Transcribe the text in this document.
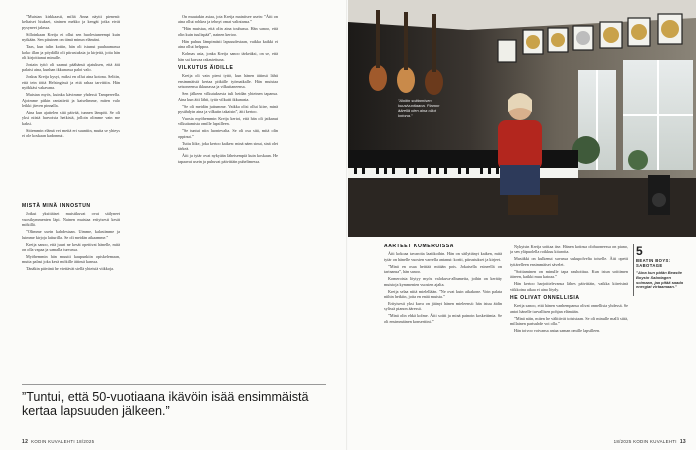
”Muistan kirkkaasti, miltä Anna näytti pienenä: keltaiset hiukset, sininen mekko ja kengät jotka eivät pysyneet jalassa.

Silloinkaan Kreija ei ollut sen huolestuneempi kuin nytkään. Sen pituinen on tämä minun elämäni.

Taas, kun tulin kotiin, hän oli istunut puuhaamassa koko illan ja pöydällä oli piirustuksia ja kirjeitä, joita hän oli kirjoittanut minulle.

Jostain tyttö oli saanut päähänsä ajatuksen, että äiti palaisi aina, kunhan ikkunassa paloi valo.

Joskus Kreija kysyi, miksi en ollut aina kotona. Selitin, että tein töitä Helsingissä ja että rahaa tarvittiin. Hän nyökkäsi vakavana.

Muistan myös, kuinka kävimme yhdessä Tampereella. Ajoimme pitkin rantatietä ja katselimme, miten valo leikki järven pinnalla.

Aina kun ajattelen sitä päivää, tunnen lämpöä. Se oli yksi niistä harvoista hetkistä, jolloin olimme vain me kaksi.

Sittemmin elämä vei meitä eri suuntiin, mutta se yhteys ei ole koskaan kadonnut.

MISTÄ MINÄ INNOSTUN

Jotkut yksittäiset muistikuvat ovat säilyneet vuosikymmenten läpi. Nainen muistaa erityisesti kesät mökillä.

”Olimme usein kahdestaan. Uimme, kalastimme ja luimme kirjoja laiturilla. Se oli meidän aikaamme.”

Kreija sanoo, että juuri ne kesät opettivat hänelle, mitä on olla vapaa ja samalla turvassa.

Myöhemmin hän muutti kaupunkiin opiskelemaan, mutta palasi joka kesä mökille äitinsä kanssa.

Tänäkin päivänä he viettävät siellä yhteisiä viikkoja.

On muutakin asiaa, jota Kreija mainitsee usein: ”Äiti on aina ollut rohkea ja tehnyt omat valintansa.”

”Hän muistaa, että olin aina touhussa. Hän sanoo, että olin kuin tuulispää”, nainen kertoo.

Hän puhuu lämpimästi lapsuudestaan, vaikka kaikki ei aina ollut helppoa.

Kolmas asia, jonka Kreija sanoo tärkeäksi, on se, että hän sai kasvaa rakastettuna.

VILKUTUS ÄIDILLE

Kreija oli vain pieni tyttö, kun hänen äitinsä lähti ensimmäistä kertaa pitkälle työmatkalle. Hän muistaa seisoneensa ikkunassa ja vilkuttaneensa.

Sen jälkeen vilkutuksesta tuli heidän yhteinen tapansa. Aina kun äiti lähti, tytär vilkutti ikkunasta.

”Se oli meidän juttumme. Vaikka olisi ollut kiire, minä pysähdyin aina ja vilkutin takaisin”, äiti kertoo.

Vuosia myöhemmin Kreija kertoi, että hän oli jatkanut vilkuttamista omille lapsilleen.

”Se tuntui niin luontevalta. Se oli osa sitä, mitä olin oppinut.”

Tuttu liike, joka kertoo kaiken: minä näen sinut, sinä olet tärkeä.

Äiti ja tytär ovat nykyään läheisempiä kuin koskaan. He tapaavat usein ja puhuvat päivittäin puhelimessa.

”Tuntui, että 50-vuotiaana ikävöin isää ensimmäistä kertaa lapsuuden jälkeen.”
12 KODIN KUVALEHTI 18/2025	18/2025 KODIN KUVALEHTI 13
”Aloitin soittamisen kuusivuotiaana. Pianon äärellä olen aina ollut kotona.”
AARTEET KOMEROISSA

Äiti kokoaa tavaroita laatikoihin. Hän on säilyttänyt kaiken, mitä tytär on hänelle vuosien varrella antanut: kortit, piirustukset ja kirjeet.

”Minä en osaa heittää mitään pois. Jokaisella esineellä on tarinansa”, hän sanoo.

Komeroista löytyy myös valokuva-albumeita, joihin on kerätty muistoja kymmenien vuosien ajalta.

Kreija selaa niitä mielellään. ”Ne ovat kuin aikakone. Voin palata niihin hetkiin, joita en enää muista.”

Erityisesti yksi kuva on jäänyt hänen mieleensä: hän istuu äidin sylissä pianon ääressä.

”Minä olin ehkä kolme. Äiti soitti ja minä painoin koskettimia. Se oli ensimmäinen konserttini.”

Nykyisin Kreija soittaa itse. Hänen kotinsa olohuoneessa on piano, ja sen yläpuolella roikkuu kitaroita.

Musiikki on kulkenut suvussa sukupolvelta toiselle. Äiti opetti tyttärelleen ensimmäiset sävelet.

”Soittaminen on minulle tapa rauhoittua. Kun istun soittimen ääreen, kaikki muu katoaa.”

Hän kertoo harjoittelevansa lähes päivittäin, vaikka kiireisinä viikkoina aikaa ei aina löydy.

HE OLIVAT ONNELLISIA

Kreija sanoo, että hänen vanhempansa olivat onnellisia yhdessä. Se antoi hänelle turvallisen pohjan elämään.

”Minä näin, miten he välittivät toisistaan. Se oli minulle malli siitä, millainen parisuhde voi olla.”

Hän toivoo voivansa antaa saman omille lapsilleen.

5
BEATIN BOYS: SABOTAGE
”Aina kun pidän Beastie Boysin Sabotagen soimaan, jaa pitää saada energiat virtaamaan.”
